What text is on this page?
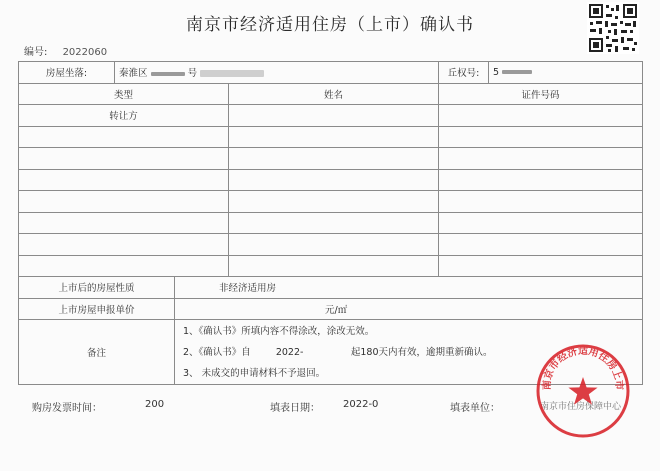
南京市经济适用住房（上市）确认书
编号: 2022060
房屋坐落:	秦淮区 号			丘权号:	5
类型			姓名	证件号码	
转让方					

上市后的房屋性质		非经济适用房			
上市房屋申报单价		元/㎡			
备注		1、《确认书》所填内容不得涂改，涂改无效。
2、《确认书》自 2022- 起180天内有效，逾期重新确认。
3、 未成交的申请材料不予退回。			
购房发票时间：	200	填表日期： 2022-0	填表单位：	南京市住房保障中心
南京市经济适用住房上市
